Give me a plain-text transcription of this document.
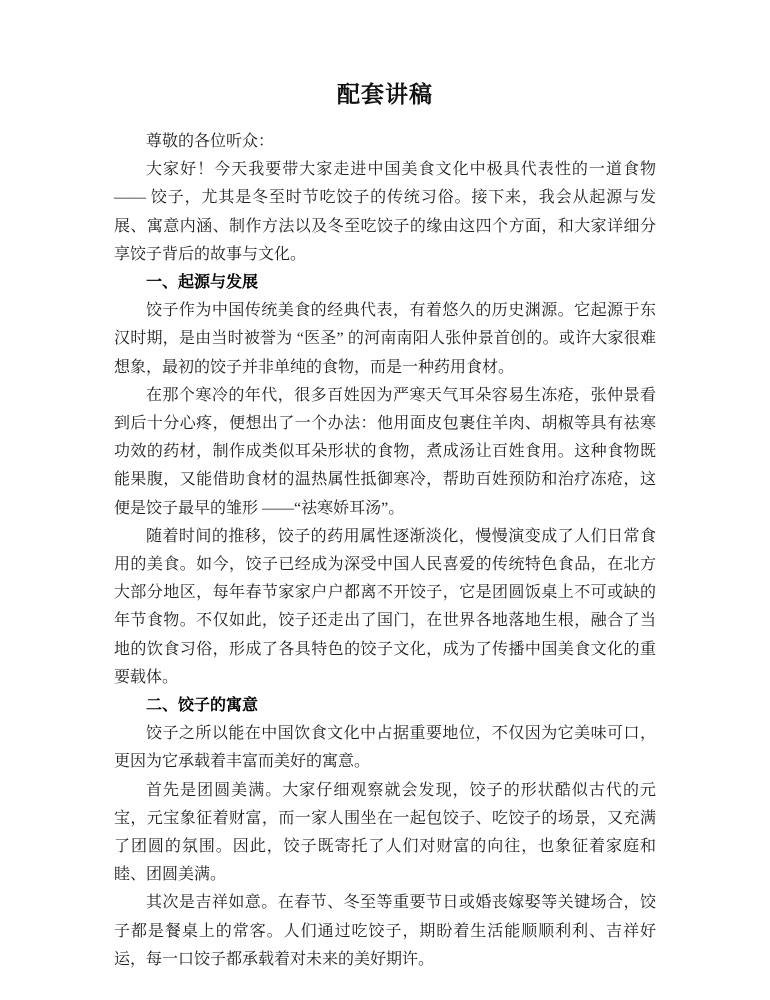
配套讲稿

尊敬的各位听众：

大家好！今天我要带大家走进中国美食文化中极具代表性的一道食物 —— 饺子，尤其是冬至时节吃饺子的传统习俗。接下来，我会从起源与发展、寓意内涵、制作方法以及冬至吃饺子的缘由这四个方面，和大家详细分享饺子背后的故事与文化。

一、起源与发展

饺子作为中国传统美食的经典代表，有着悠久的历史渊源。它起源于东汉时期，是由当时被誉为 “医圣” 的河南南阳人张仲景首创的。或许大家很难想象，最初的饺子并非单纯的食物，而是一种药用食材。

在那个寒冷的年代，很多百姓因为严寒天气耳朵容易生冻疮，张仲景看到后十分心疼，便想出了一个办法：他用面皮包裹住羊肉、胡椒等具有祛寒功效的药材，制作成类似耳朵形状的食物，煮成汤让百姓食用。这种食物既能果腹，又能借助食材的温热属性抵御寒冷，帮助百姓预防和治疗冻疮，这便是饺子最早的雏形 ——“祛寒娇耳汤”。

随着时间的推移，饺子的药用属性逐渐淡化，慢慢演变成了人们日常食用的美食。如今，饺子已经成为深受中国人民喜爱的传统特色食品，在北方大部分地区，每年春节家家户户都离不开饺子，它是团圆饭桌上不可或缺的年节食物。不仅如此，饺子还走出了国门，在世界各地落地生根，融合了当地的饮食习俗，形成了各具特色的饺子文化，成为了传播中国美食文化的重要载体。

二、饺子的寓意

饺子之所以能在中国饮食文化中占据重要地位，不仅因为它美味可口，更因为它承载着丰富而美好的寓意。

首先是团圆美满。大家仔细观察就会发现，饺子的形状酷似古代的元宝，元宝象征着财富，而一家人围坐在一起包饺子、吃饺子的场景，又充满了团圆的氛围。因此，饺子既寄托了人们对财富的向往，也象征着家庭和睦、团圆美满。

其次是吉祥如意。在春节、冬至等重要节日或婚丧嫁娶等关键场合，饺子都是餐桌上的常客。人们通过吃饺子，期盼着生活能顺顺利利、吉祥好运，每一口饺子都承载着对未来的美好期许。
